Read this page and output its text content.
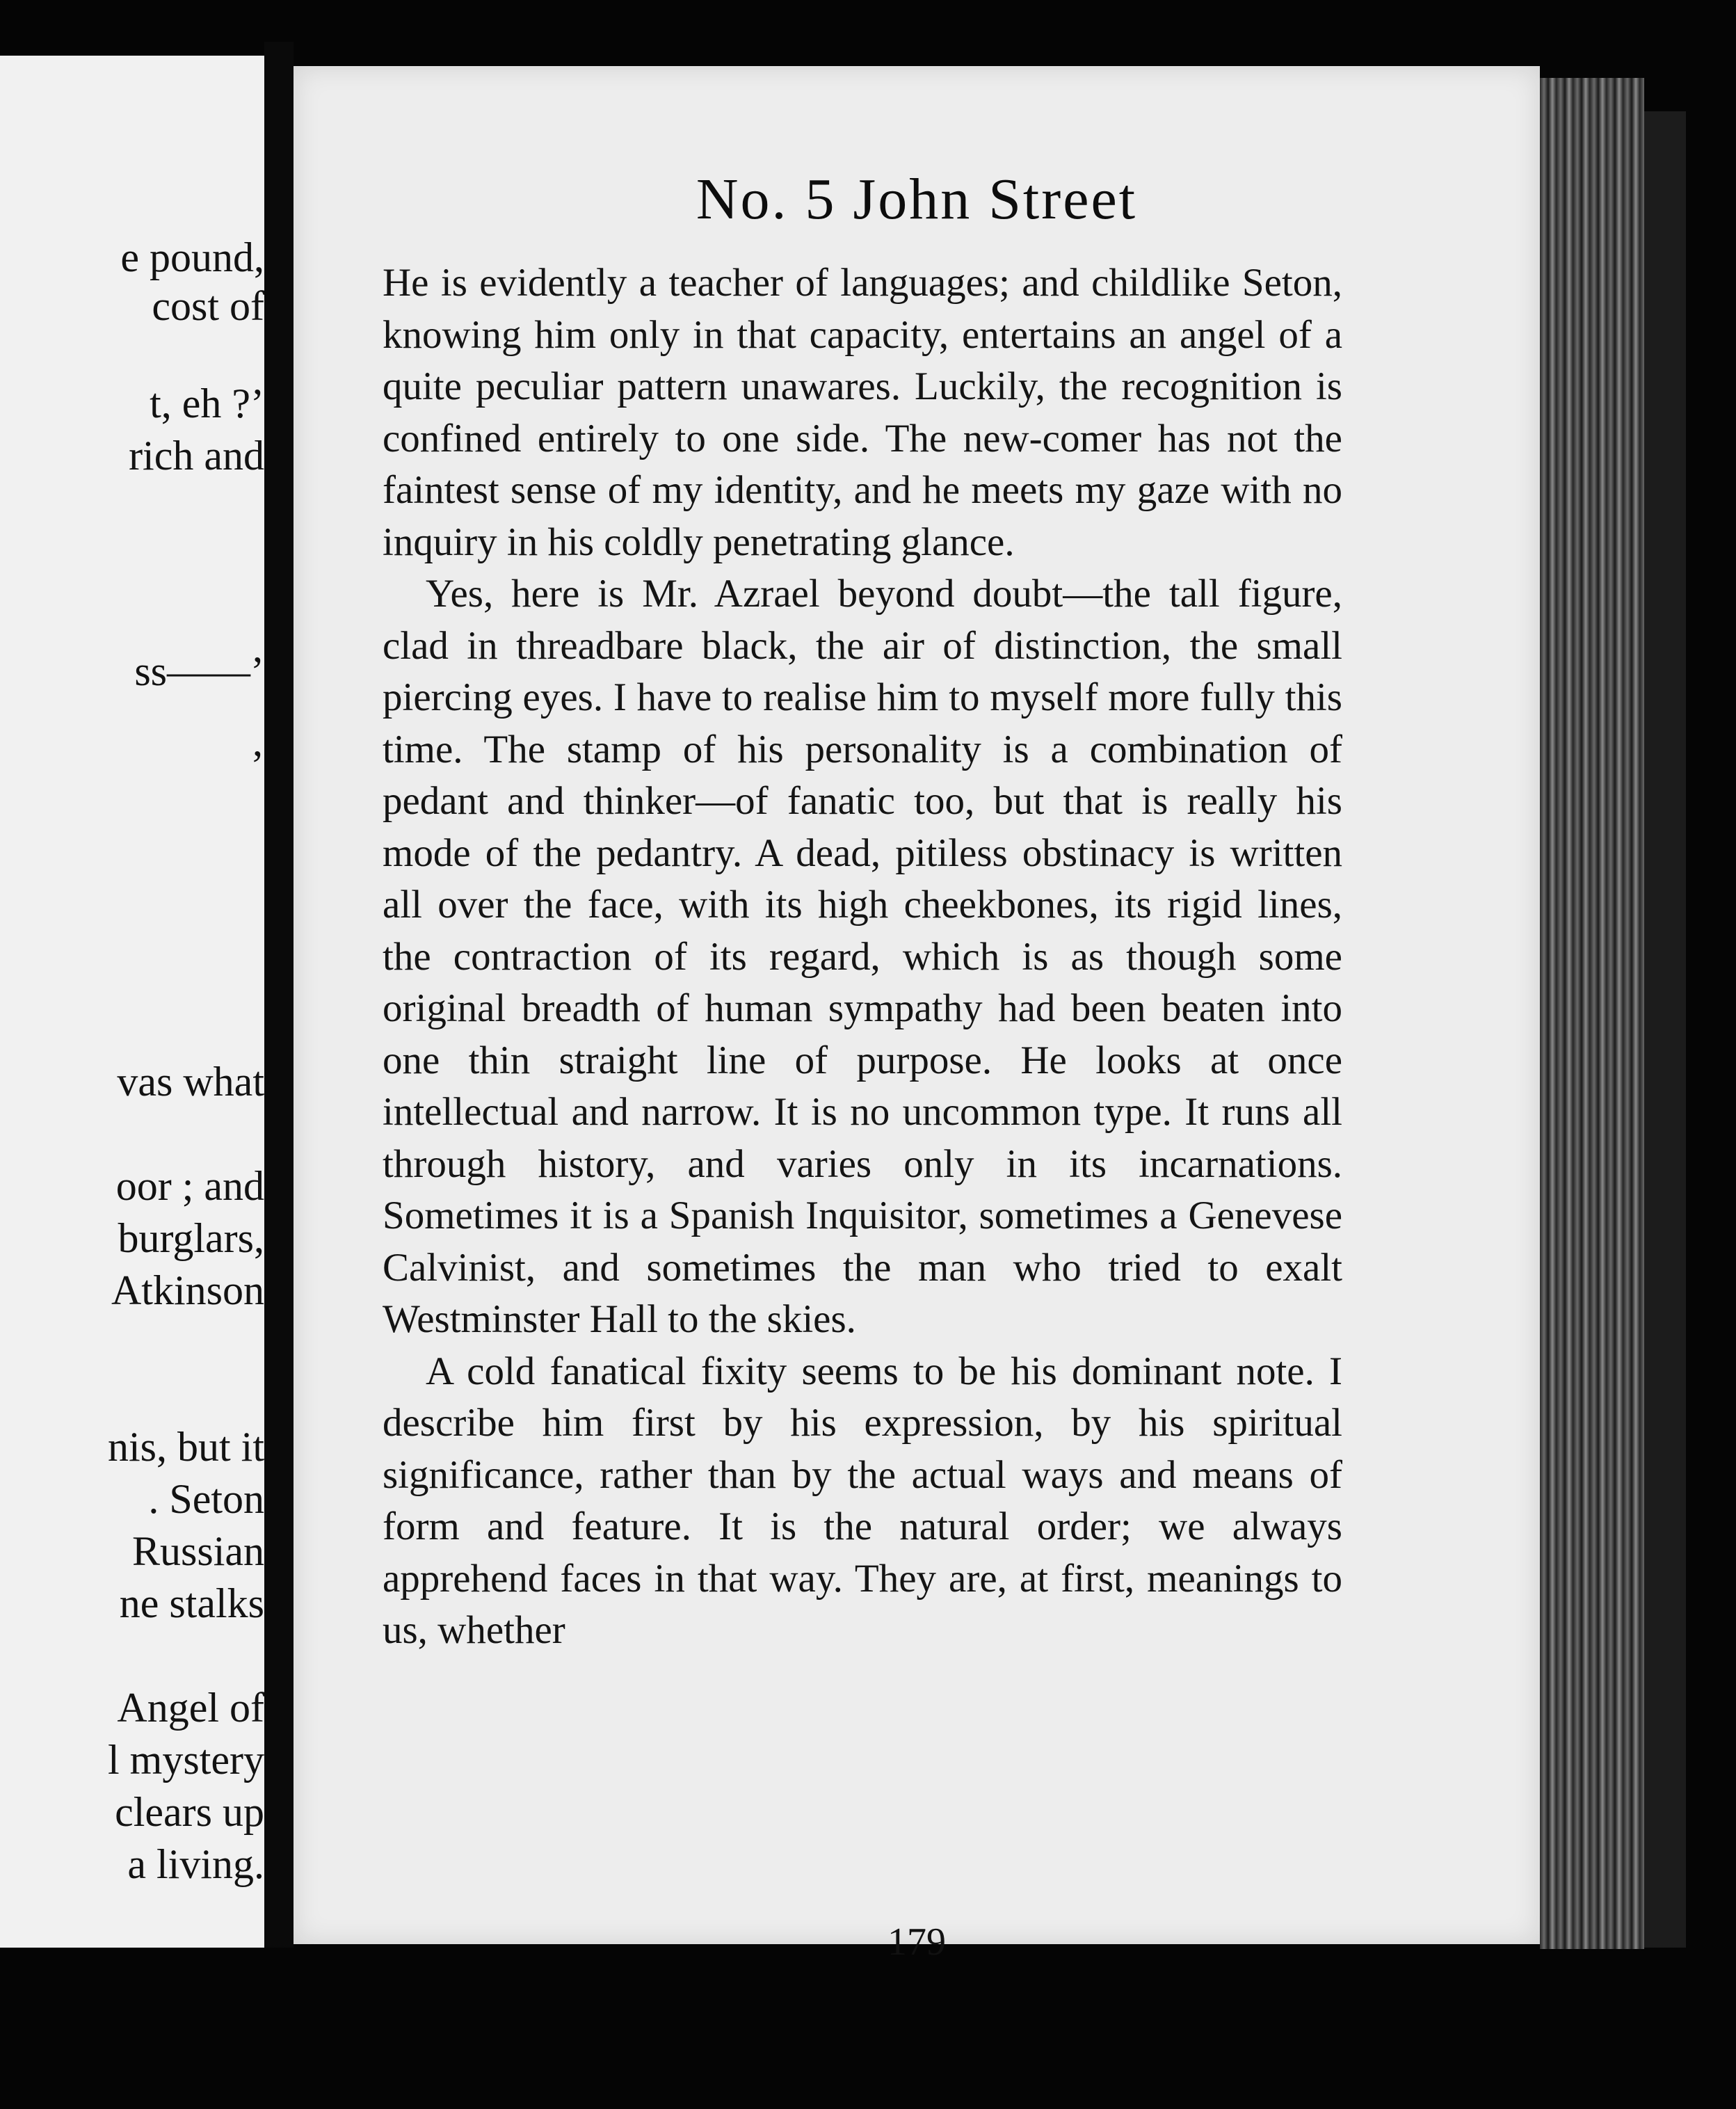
e pound,
cost of
t, eh ?’
rich and
ss——’
’
vas what
oor ; and
burglars,
Atkinson
nis, but it
. Seton
Russian
ne stalks
Angel of
l mystery
clears up
a living.
No. 5 John Street

He is evidently a teacher of languages; and childlike Seton, knowing him only in that capacity, entertains an angel of a quite peculiar pattern unawares. Luckily, the recognition is confined entirely to one side. The new-comer has not the faintest sense of my identity, and he meets my gaze with no inquiry in his coldly penetrating glance.

Yes, here is Mr. Azrael beyond doubt—the tall figure, clad in threadbare black, the air of distinction, the small piercing eyes. I have to realise him to myself more fully this time. The stamp of his personality is a combination of pedant and thinker—of fanatic too, but that is really his mode of the pedantry. A dead, pitiless obstinacy is written all over the face, with its high cheekbones, its rigid lines, the contraction of its regard, which is as though some original breadth of human sympathy had been beaten into one thin straight line of purpose. He looks at once intellectual and narrow. It is no uncommon type. It runs all through history, and varies only in its incarnations. Sometimes it is a Spanish Inquisitor, sometimes a Genevese Calvinist, and sometimes the man who tried to exalt Westminster Hall to the skies.

A cold fanatical fixity seems to be his dominant note. I describe him first by his expression, by his spiritual significance, rather than by the actual ways and means of form and feature. It is the natural order; we always apprehend faces in that way. They are, at first, meanings to us, whether

179
